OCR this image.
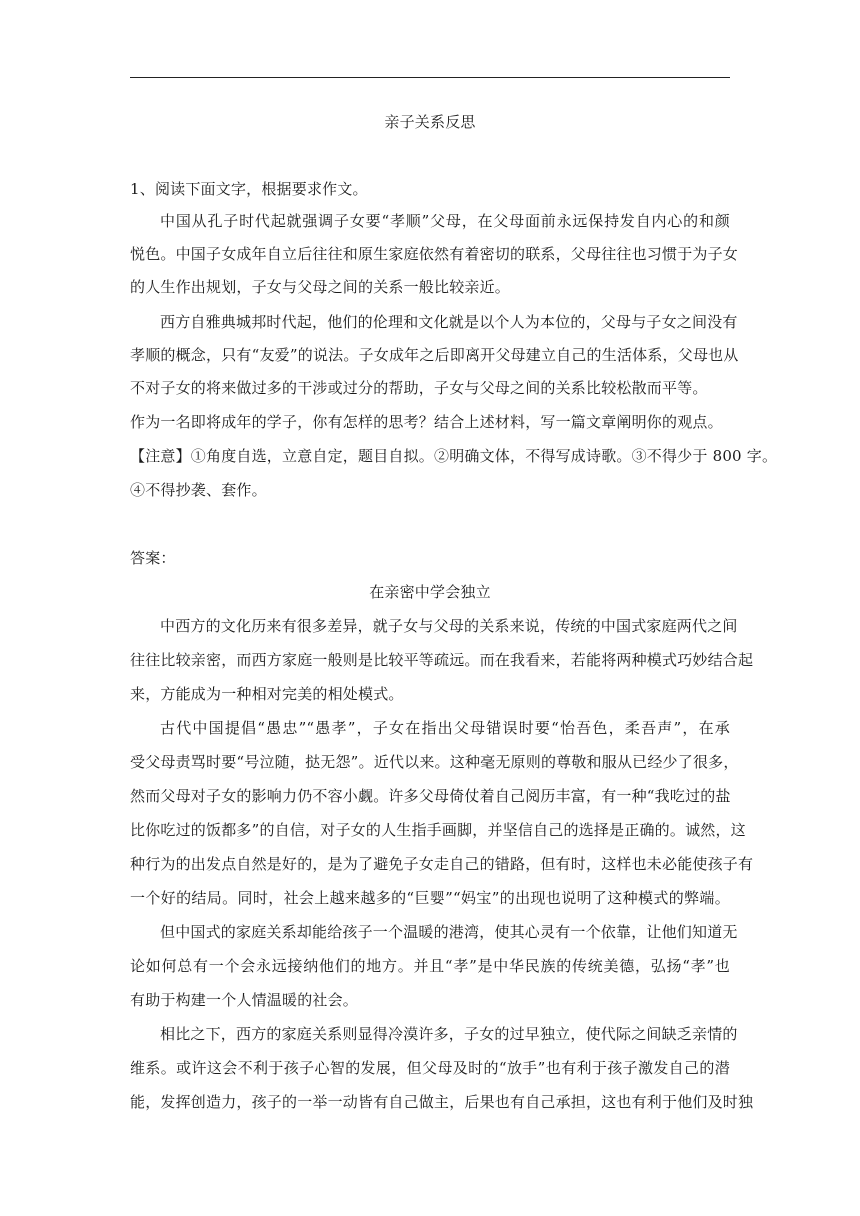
亲子关系反思
1、阅读下面文字，根据要求作文。
中国从孔子时代起就强调子女要“孝顺”父母，在父母面前永远保持发自内心的和颜
悦色。中国子女成年自立后往往和原生家庭依然有着密切的联系，父母往往也习惯于为子女
的人生作出规划，子女与父母之间的关系一般比较亲近。
西方自雅典城邦时代起，他们的伦理和文化就是以个人为本位的，父母与子女之间没有
孝顺的概念，只有“友爱”的说法。子女成年之后即离开父母建立自己的生活体系，父母也从
不对子女的将来做过多的干涉或过分的帮助，子女与父母之间的关系比较松散而平等。
作为一名即将成年的学子，你有怎样的思考？结合上述材料，写一篇文章阐明你的观点。
【注意】①角度自选，立意自定，题目自拟。②明确文体，不得写成诗歌。③不得少于 800 字。
④不得抄袭、套作。
答案：
在亲密中学会独立
中西方的文化历来有很多差异，就子女与父母的关系来说，传统的中国式家庭两代之间
往往比较亲密，而西方家庭一般则是比较平等疏远。而在我看来，若能将两种模式巧妙结合起
来，方能成为一种相对完美的相处模式。
古代中国提倡“愚忠”“愚孝”，子女在指出父母错误时要“怡吾色，柔吾声”，在承
受父母责骂时要“号泣随，挞无怨”。近代以来。这种毫无原则的尊敬和服从已经少了很多，
然而父母对子女的影响力仍不容小觑。许多父母倚仗着自己阅历丰富，有一种“我吃过的盐
比你吃过的饭都多”的自信，对子女的人生指手画脚，并坚信自己的选择是正确的。诚然，这
种行为的出发点自然是好的，是为了避免子女走自己的错路，但有时，这样也未必能使孩子有
一个好的结局。同时，社会上越来越多的“巨婴”“妈宝”的出现也说明了这种模式的弊端。
但中国式的家庭关系却能给孩子一个温暖的港湾，使其心灵有一个依靠，让他们知道无
论如何总有一个会永远接纳他们的地方。并且“孝”是中华民族的传统美德，弘扬“孝”也
有助于构建一个人情温暖的社会。
相比之下，西方的家庭关系则显得冷漠许多，子女的过早独立，使代际之间缺乏亲情的
维系。或许这会不利于孩子心智的发展，但父母及时的“放手”也有利于孩子激发自己的潜
能，发挥创造力，孩子的一举一动皆有自己做主，后果也有自己承担，这也有利于他们及时独
